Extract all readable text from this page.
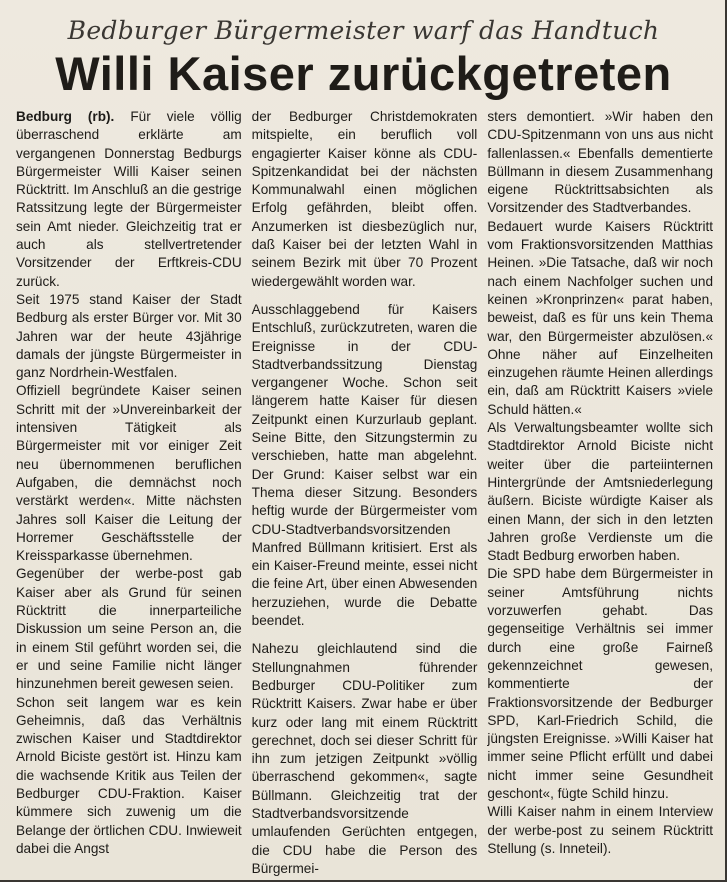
Bedburger Bürgermeister warf das Handtuch
Willi Kaiser zurückgetreten

Bedburg (rb). Für viele völlig überraschend erklärte am vergangenen Donnerstag Bedburgs Bürgermeister Willi Kaiser seinen Rücktritt. Im Anschluß an die gestrige Ratssitzung legte der Bürgermeister sein Amt nieder. Gleichzeitig trat er auch als stellvertretender Vorsitzender der Erftkreis-CDU zurück.

Seit 1975 stand Kaiser der Stadt Bedburg als erster Bürger vor. Mit 30 Jahren war der heute 43jährige damals der jüngste Bürgermeister in ganz Nordrhein-Westfalen.

Offiziell begründete Kaiser seinen Schritt mit der »Unvereinbarkeit der intensiven Tätigkeit als Bürgermeister mit vor einiger Zeit neu übernommenen beruflichen Aufgaben, die demnächst noch verstärkt werden«. Mitte nächsten Jahres soll Kaiser die Leitung der Horremer Geschäftsstelle der Kreissparkasse übernehmen.

Gegenüber der werbe-post gab Kaiser aber als Grund für seinen Rücktritt die innerparteiliche Diskussion um seine Person an, die in einem Stil geführt worden sei, die er und seine Familie nicht länger hinzunehmen bereit gewesen seien.

Schon seit langem war es kein Geheimnis, daß das Verhältnis zwischen Kaiser und Stadtdirektor Arnold Biciste gestört ist. Hinzu kam die wachsende Kritik aus Teilen der Bedburger CDU-Fraktion. Kaiser kümmere sich zuwenig um die Belange der örtlichen CDU. Inwieweit dabei die Angst

der Bedburger Christdemokraten mitspielte, ein beruflich voll engagierter Kaiser könne als CDU-Spitzenkandidat bei der nächsten Kommunalwahl einen möglichen Erfolg gefährden, bleibt offen. Anzumerken ist diesbezüglich nur, daß Kaiser bei der letzten Wahl in seinem Bezirk mit über 70 Prozent wiedergewählt worden war.

Ausschlaggebend für Kaisers Entschluß, zurückzutreten, waren die Ereignisse in der CDU-Stadtverbandssitzung Dienstag vergangener Woche. Schon seit längerem hatte Kaiser für diesen Zeitpunkt einen Kurzurlaub geplant. Seine Bitte, den Sitzungstermin zu verschieben, hatte man abgelehnt. Der Grund: Kaiser selbst war ein Thema dieser Sitzung. Besonders heftig wurde der Bürgermeister vom CDU-Stadtverbandsvorsitzenden Manfred Büllmann kritisiert. Erst als ein Kaiser-Freund meinte, essei nicht die feine Art, über einen Abwesenden herzuziehen, wurde die Debatte beendet.

Nahezu gleichlautend sind die Stellungnahmen führender Bedburger CDU-Politiker zum Rücktritt Kaisers. Zwar habe er über kurz oder lang mit einem Rücktritt gerechnet, doch sei dieser Schritt für ihn zum jetzigen Zeitpunkt »völlig überraschend gekommen«, sagte Büllmann. Gleichzeitig trat der Stadtverbandsvorsitzende umlaufenden Gerüchten entgegen, die CDU habe die Person des Bürgermei-

sters demontiert. »Wir haben den CDU-Spitzenmann von uns aus nicht fallenlassen.« Ebenfalls dementierte Büllmann in diesem Zusammenhang eigene Rücktrittsabsichten als Vorsitzender des Stadtverbandes.

Bedauert wurde Kaisers Rücktritt vom Fraktionsvorsitzenden Matthias Heinen. »Die Tatsache, daß wir noch nach einem Nachfolger suchen und keinen »Kronprinzen« parat haben, beweist, daß es für uns kein Thema war, den Bürgermeister abzulösen.« Ohne näher auf Einzelheiten einzugehen räumte Heinen allerdings ein, daß am Rücktritt Kaisers »viele Schuld hätten.«

Als Verwaltungsbeamter wollte sich Stadtdirektor Arnold Biciste nicht weiter über die parteiinternen Hintergründe der Amtsniederlegung äußern. Biciste würdigte Kaiser als einen Mann, der sich in den letzten Jahren große Verdienste um die Stadt Bedburg erworben haben.

Die SPD habe dem Bürgermeister in seiner Amtsführung nichts vorzuwerfen gehabt. Das gegenseitige Verhältnis sei immer durch eine große Fairneß gekennzeichnet gewesen, kommentierte der Fraktionsvorsitzende der Bedburger SPD, Karl-Friedrich Schild, die jüngsten Ereignisse. »Willi Kaiser hat immer seine Pflicht erfüllt und dabei nicht immer seine Gesundheit geschont«, fügte Schild hinzu.

Willi Kaiser nahm in einem Interview der werbe-post zu seinem Rücktritt Stellung (s. Inneteil).
